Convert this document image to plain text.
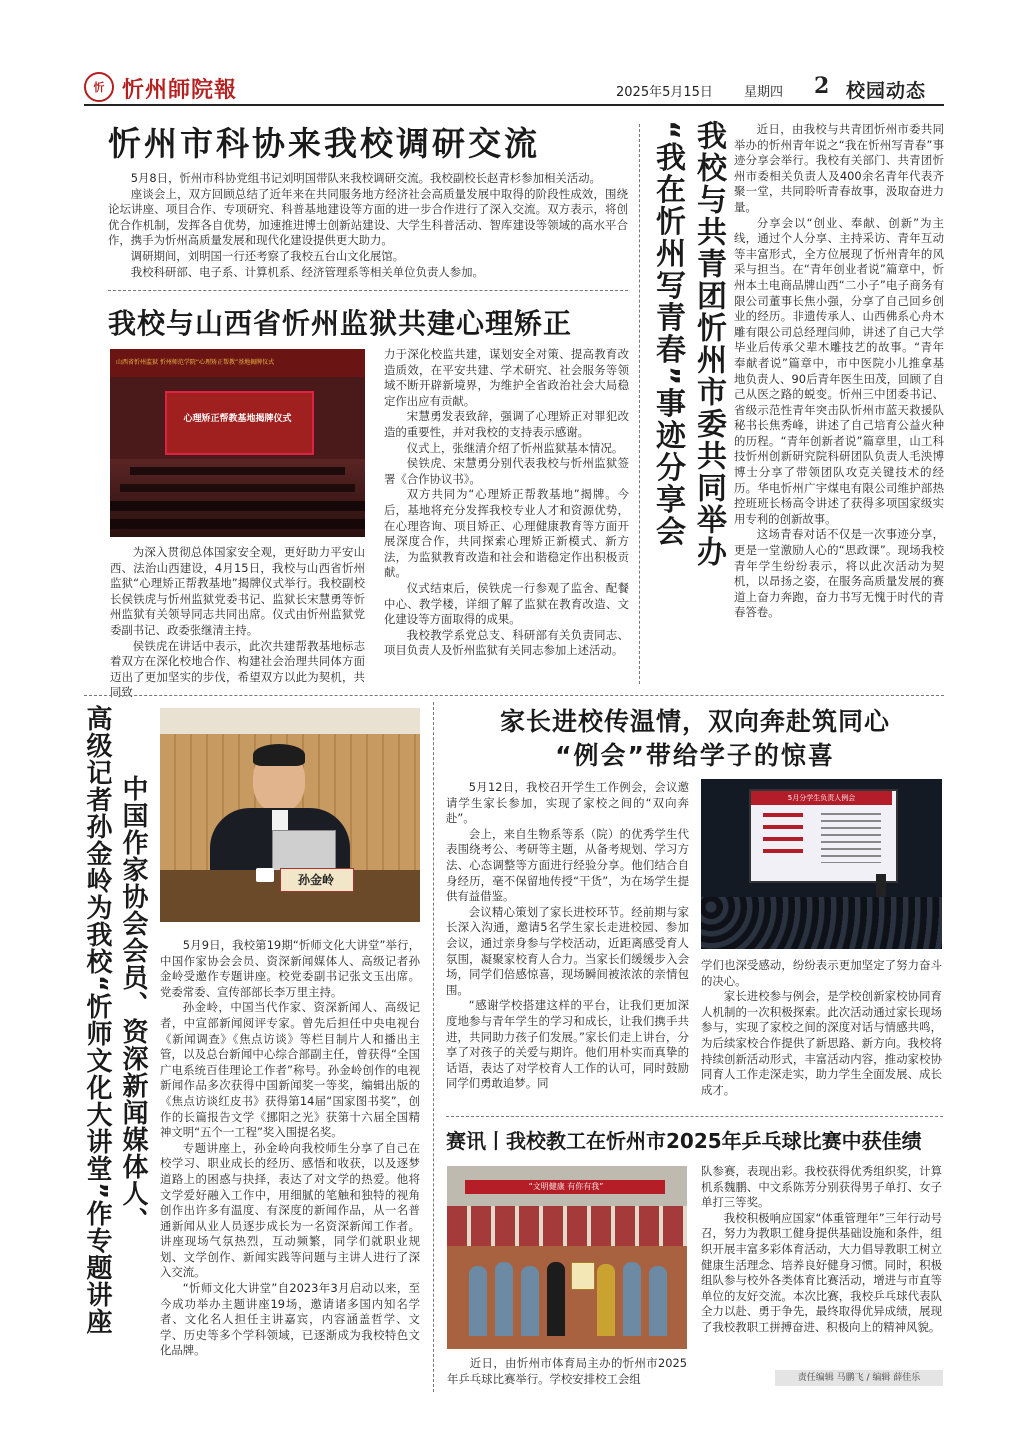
忻 忻州師院報	2025年5月15日 星期四 2 校园动态
忻州市科协来我校调研交流

5月8日，忻州市科协党组书记刘明国带队来我校调研交流。我校副校长赵青杉参加相关活动。

座谈会上，双方回顾总结了近年来在共同服务地方经济社会高质量发展中取得的阶段性成效，围绕论坛讲座、项目合作、专项研究、科普基地建设等方面的进一步合作进行了深入交流。双方表示，将创优合作机制，发挥各自优势，加速推进博士创新站建设、大学生科普活动、智库建设等领域的高水平合作，携手为忻州高质量发展和现代化建设提供更大助力。

调研期间，刘明国一行还考察了我校五台山文化展馆。

我校科研部、电子系、计算机系、经济管理系等相关单位负责人参加。

我校与山西省忻州监狱共建心理矫正
山西省忻州监狱 忻州师范学院“心理矫正帮教”基地揭牌仪式
心理矫正帮教基地揭牌仪式

为深入贯彻总体国家安全观，更好助力平安山西、法治山西建设，4月15日，我校与山西省忻州监狱“心理矫正帮教基地”揭牌仪式举行。我校副校长侯铁虎与忻州监狱党委书记、监狱长宋慧勇等忻州监狱有关领导同志共同出席。仪式由忻州监狱党委副书记、政委张继清主持。

侯铁虎在讲话中表示，此次共建帮教基地标志着双方在深化校地合作、构建社会治理共同体方面迈出了更加坚实的步伐，希望双方以此为契机，共同致

力于深化校监共建，谋划安全对策、提高教育改造质效，在平安共建、学术研究、社会服务等领域不断开辟新境界，为维护全省政治社会大局稳定作出应有贡献。

宋慧勇发表致辞，强调了心理矫正对罪犯改造的重要性，并对我校的支持表示感谢。

仪式上，张继清介绍了忻州监狱基本情况。

侯铁虎、宋慧勇分别代表我校与忻州监狱签署《合作协议书》。

双方共同为“心理矫正帮教基地”揭牌。今后，基地将充分发挥我校专业人才和资源优势，在心理咨询、项目矫正、心理健康教育等方面开展深度合作，共同探索心理矫正新模式、新方法，为监狱教育改造和社会和谐稳定作出积极贡献。

仪式结束后，侯铁虎一行参观了监舍、配餐中心、教学楼，详细了解了监狱在教育改造、文化建设等方面取得的成果。

我校教学系党总支、科研部有关负责同志、项目负责人及忻州监狱有关同志参加上述活动。

“我在忻州写青春”事迹分享会 我校与共青团忻州市委共同举办	近日，由我校与共青团忻州市委共同举办的忻州青年说之“我在忻州写青春”事迹分享会举行。我校有关部门、共青团忻州市委相关负责人及400余名青年代表齐聚一堂，共同聆听青春故事，汲取奋进力量。

分享会以“创业、奉献、创新”为主线，通过个人分享、主持采访、青年互动等丰富形式，全方位展现了忻州青年的风采与担当。在“青年创业者说”篇章中，忻州本土电商品牌山西“二小子”电子商务有限公司董事长焦小强，分享了自己回乡创业的经历。非遗传承人、山西佛系心舟木雕有限公司总经理闫帅，讲述了自己大学毕业后传承父辈木雕技艺的故事。“青年奉献者说”篇章中，市中医院小儿推拿基地负责人、90后青年医生田茂，回顾了自己从医之路的蜕变。忻州三中团委书记、省级示范性青年突击队忻州市蓝天救援队秘书长焦秀峰，讲述了自己培育公益火种的历程。“青年创新者说”篇章里，山工科技忻州创新研究院科研团队负责人毛泱博博士分享了带领团队攻克关键技术的经历。华电忻州广宇煤电有限公司维护部热控班班长杨高令讲述了获得多项国家级实用专利的创新故事。

这场青春对话不仅是一次事迹分享，更是一堂激励人心的“思政课”。现场我校青年学生纷纷表示，将以此次活动为契机，以昂扬之姿，在服务高质量发展的赛道上奋力奔跑，奋力书写无愧于时代的青春答卷。

高级记者孙金岭为我校“忻师文化大讲堂”作专题讲座 中国作家协会会员、资深新闻媒体人、	孙金岭

5月9日，我校第19期“忻师文化大讲堂”举行，中国作家协会会员、资深新闻媒体人、高级记者孙金岭受邀作专题讲座。校党委副书记张文玉出席。党委常委、宣传部部长李万里主持。

孙金岭，中国当代作家、资深新闻人、高级记者，中宣部新闻阅评专家。曾先后担任中央电视台《新闻调查》《焦点访谈》等栏目制片人和播出主管，以及总台新闻中心综合部副主任，曾获得“全国广电系统百佳理论工作者”称号。孙金岭创作的电视新闻作品多次获得中国新闻奖一等奖，编辑出版的《焦点访谈红皮书》获得第14届“国家图书奖”，创作的长篇报告文学《挪阳之光》获第十六届全国精神文明“五个一工程”奖入围提名奖。

专题讲座上，孙金岭向我校师生分享了自己在校学习、职业成长的经历、感悟和收获，以及逐梦道路上的困惑与抉择，表达了对文学的热爱。他将文学爱好融入工作中，用细腻的笔触和独特的视角创作出许多有温度、有深度的新闻作品，从一名普通新闻从业人员逐步成长为一名资深新闻工作者。讲座现场气氛热烈，互动频繁，同学们就职业规划、文学创作、新闻实践等问题与主讲人进行了深入交流。

“忻师文化大讲堂”自2023年3月启动以来，至今成功举办主题讲座19场，邀请诸多国内知名学者、文化名人担任主讲嘉宾，内容涵盖哲学、文学、历史等多个学科领域，已逐渐成为我校特色文化品牌。

家长进校传温情，双向奔赴筑同心
“例会”带给学子的惊喜

5月12日，我校召开学生工作例会，会议邀请学生家长参加，实现了家校之间的“双向奔赴”。

会上，来自生物系等系（院）的优秀学生代表围绕考公、考研等主题，从备考规划、学习方法、心态调整等方面进行经验分享。他们结合自身经历，毫不保留地传授“干货”，为在场学生提供有益借鉴。

会议精心策划了家长进校环节。经前期与家长深入沟通，邀请5名学生家长走进校园、参加会议，通过亲身参与学校活动，近距离感受育人氛围，凝聚家校育人合力。当家长们缓缓步入会场，同学们倍感惊喜，现场瞬间被浓浓的亲情包围。

“感谢学校搭建这样的平台，让我们更加深度地参与青年学生的学习和成长，让我们携手共进，共同助力孩子们发展。”家长们走上讲台，分享了对孩子的关爱与期许。他们用朴实而真挚的话语，表达了对学校育人工作的认可，同时鼓励同学们勇敢追梦。同

5月分学生负责人例会

学们也深受感动，纷纷表示更加坚定了努力奋斗的决心。

家长进校参与例会，是学校创新家校协同育人机制的一次积极探索。此次活动通过家长现场参与，实现了家校之间的深度对话与情感共鸣，为后续家校合作提供了新思路、新方向。我校将持续创新活动形式，丰富活动内容，推动家校协同育人工作走深走实，助力学生全面发展、成长成才。

赛讯丨我校教工在忻州市2025年乒乓球比赛中获佳绩
“文明健康 有你有我”

近日，由忻州市体育局主办的忻州市2025年乒乓球比赛举行。学校安排校工会组

队参赛，表现出彩。我校获得优秀组织奖，计算机系魏鹏、中文系陈芳分别获得男子单打、女子单打三等奖。

我校积极响应国家“体重管理年”三年行动号召，努力为教职工健身提供基础设施和条件，组织开展丰富多彩体育活动，大力倡导教职工树立健康生活理念、培养良好健身习惯。同时，积极组队参与校外各类体育比赛活动，增进与市直等单位的友好交流。本次比赛，我校乒乓球代表队全力以赴、勇于争先，最终取得优异成绩，展现了我校教职工拼搏奋进、积极向上的精神风貌。

责任编辑 马鹏飞 / 编辑 薛佳乐
